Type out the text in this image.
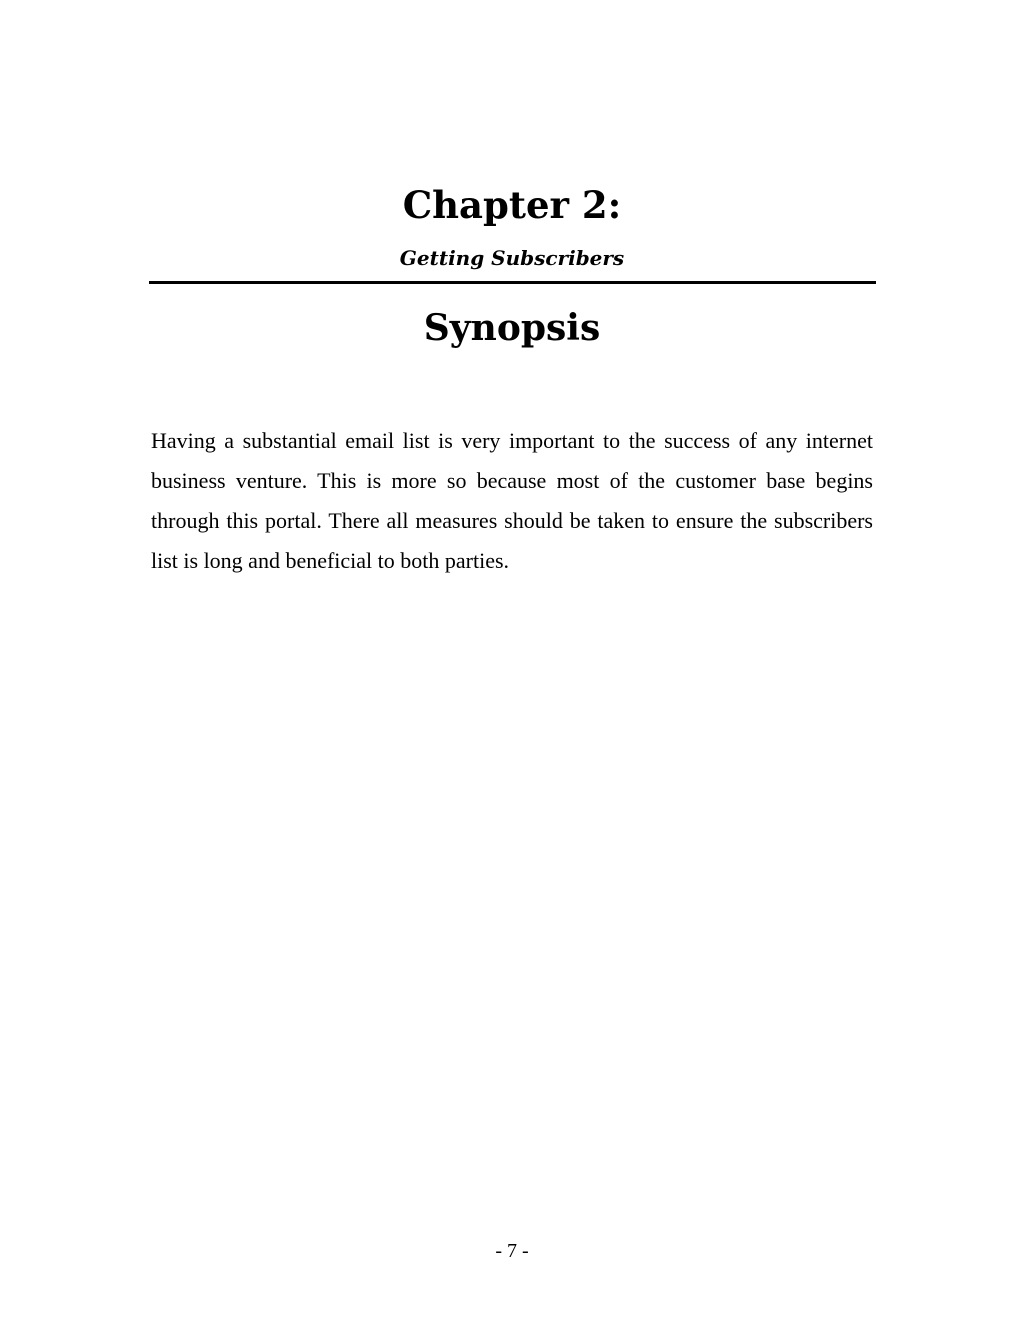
Chapter 2:
Getting Subscribers
Synopsis

Having a substantial email list is very important to the success of any internet business venture. This is more so because most of the customer base begins through this portal. There all measures should be taken to ensure the subscribers list is long and beneficial to both parties.

- 7 -
